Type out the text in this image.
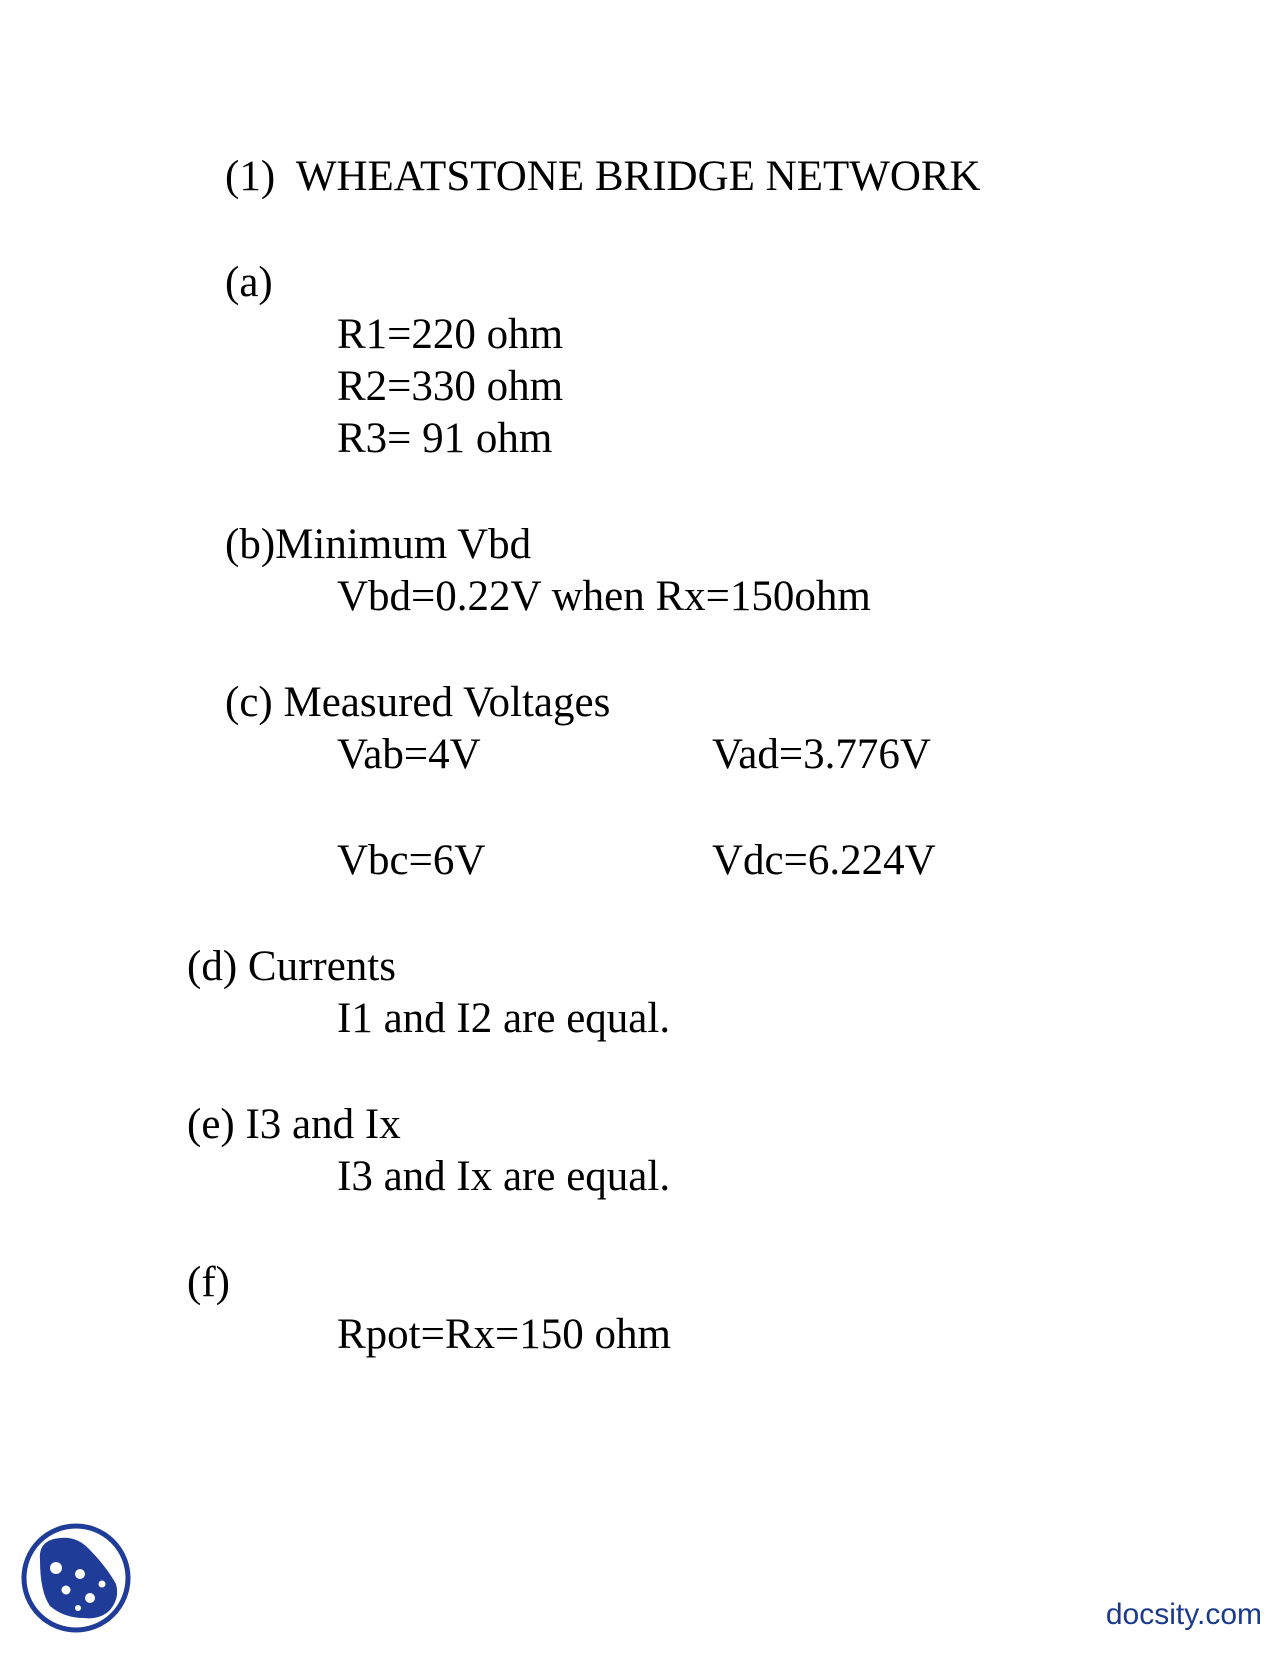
(1)  WHEATSTONE BRIDGE NETWORK
(a)
R1=220 ohm
R2=330 ohm
R3= 91 ohm
(b)Minimum Vbd
Vbd=0.22V when Rx=150ohm
(c) Measured Voltages
Vab=4V	Vad=3.776V
Vbc=6V	Vdc=6.224V
(d) Currents
I1 and I2 are equal.
(e) I3 and Ix
I3 and Ix are equal.
(f)
Rpot=Rx=150 ohm
docsity.com
